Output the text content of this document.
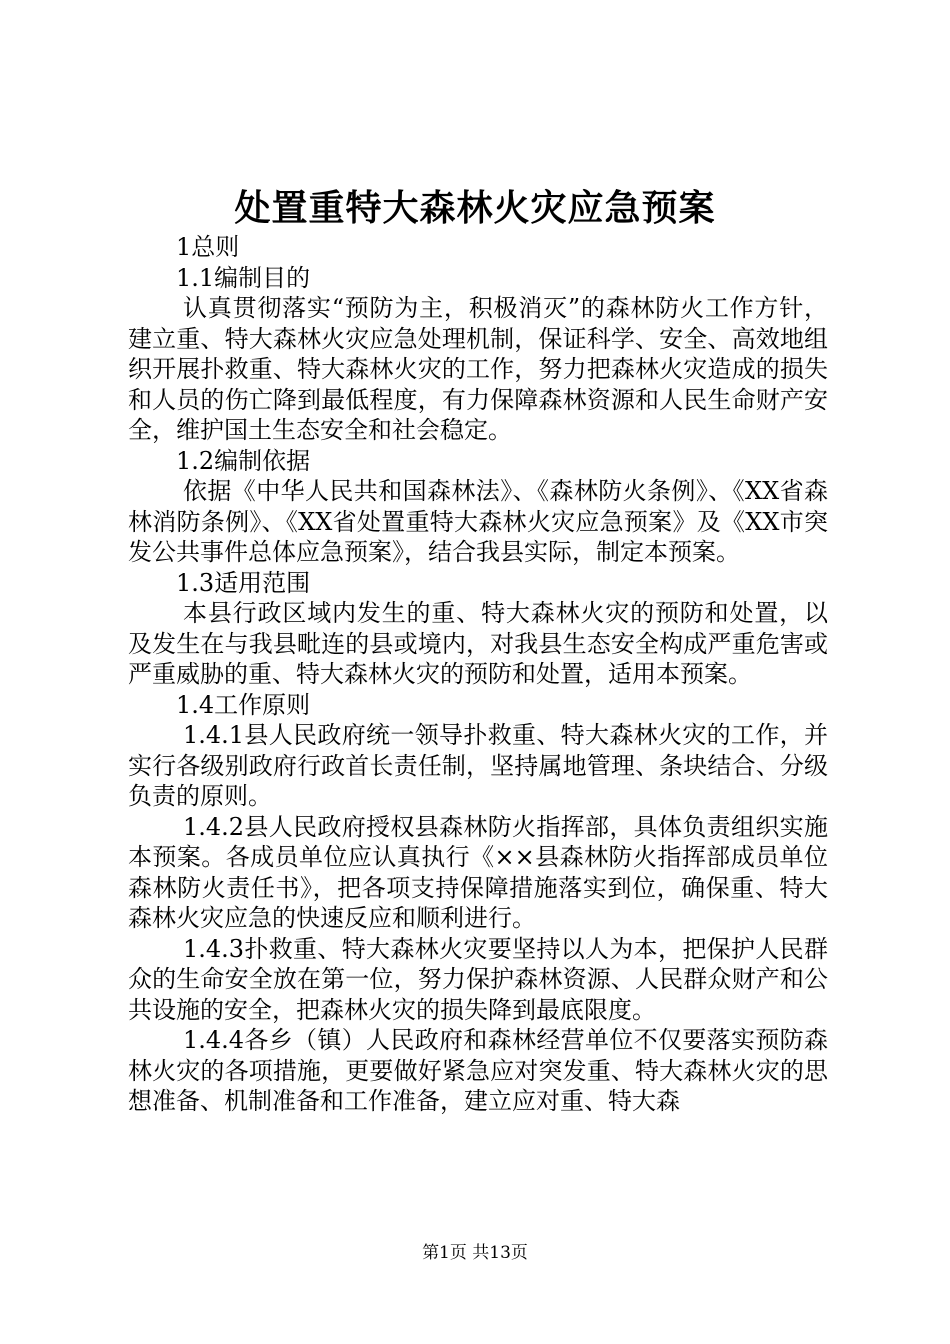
处置重特大森林火灾应急预案

1总则

1.1编制目的

认真贯彻落实“预防为主，积极消灭”的森林防火工作方针，建立重、特大森林火灾应急处理机制，保证科学、安全、高效地组织开展扑救重、特大森林火灾的工作，努力把森林火灾造成的损失和人员的伤亡降到最低程度，有力保障森林资源和人民生命财产安全，维护国土生态安全和社会稳定。

1.2编制依据

依据《中华人民共和国森林法》、《森林防火条例》、《XX省森林消防条例》、《XX省处置重特大森林火灾应急预案》及《XX市突发公共事件总体应急预案》，结合我县实际，制定本预案。

1.3适用范围

本县行政区域内发生的重、特大森林火灾的预防和处置，以及发生在与我县毗连的县或境内，对我县生态安全构成严重危害或严重威胁的重、特大森林火灾的预防和处置，适用本预案。

1.4工作原则

1.4.1县人民政府统一领导扑救重、特大森林火灾的工作，并实行各级别政府行政首长责任制，坚持属地管理、条块结合、分级负责的原则。

1.4.2县人民政府授权县森林防火指挥部，具体负责组织实施本预案。各成员单位应认真执行《××县森林防火指挥部成员单位森林防火责任书》，把各项支持保障措施落实到位，确保重、特大森林火灾应急的快速反应和顺利进行。

1.4.3扑救重、特大森林火灾要坚持以人为本，把保护人民群众的生命安全放在第一位，努力保护森林资源、人民群众财产和公共设施的安全，把森林火灾的损失降到最底限度。

1.4.4各乡（镇）人民政府和森林经营单位不仅要落实预防森林火灾的各项措施，更要做好紧急应对突发重、特大森林火灾的思想准备、机制准备和工作准备，建立应对重、特大森

第1页 共13页
